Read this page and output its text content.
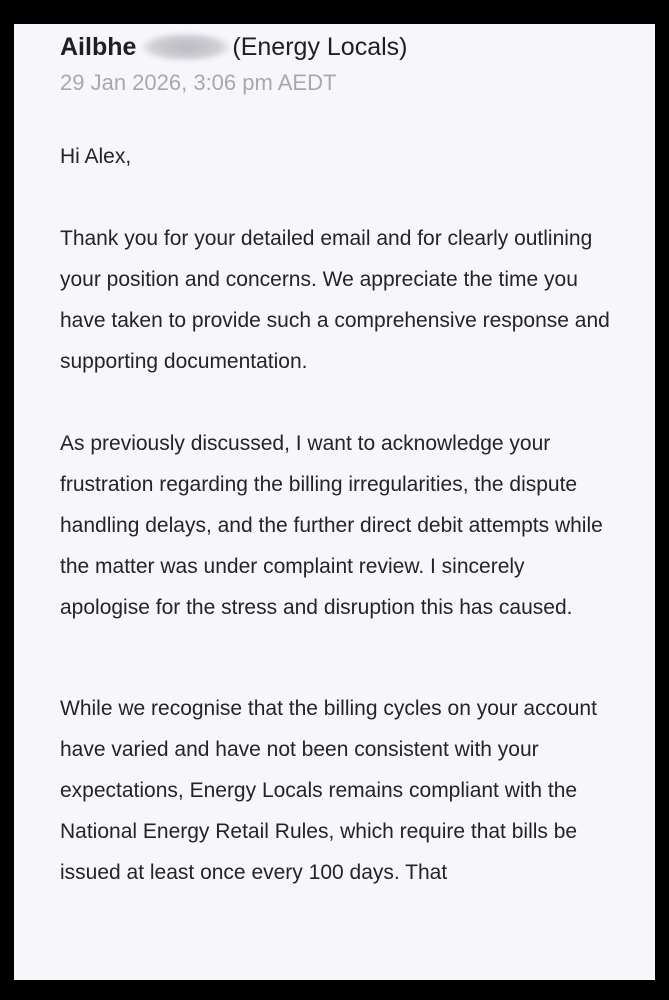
Ailbhe	(Energy Locals)
29 Jan 2026, 3:06 pm AEDT

Hi Alex,

Thank you for your detailed email and for clearly outlining your position and concerns. We appreciate the time you have taken to provide such a comprehensive response and supporting documentation.

As previously discussed, I want to acknowledge your frustration regarding the billing irregularities, the dispute handling delays, and the further direct debit attempts while the matter was under complaint review. I sincerely apologise for the stress and disruption this has caused.

While we recognise that the billing cycles on your account have varied and have not been consistent with your expectations, Energy Locals remains compliant with the National Energy Retail Rules, which require that bills be issued at least once every 100 days. That
